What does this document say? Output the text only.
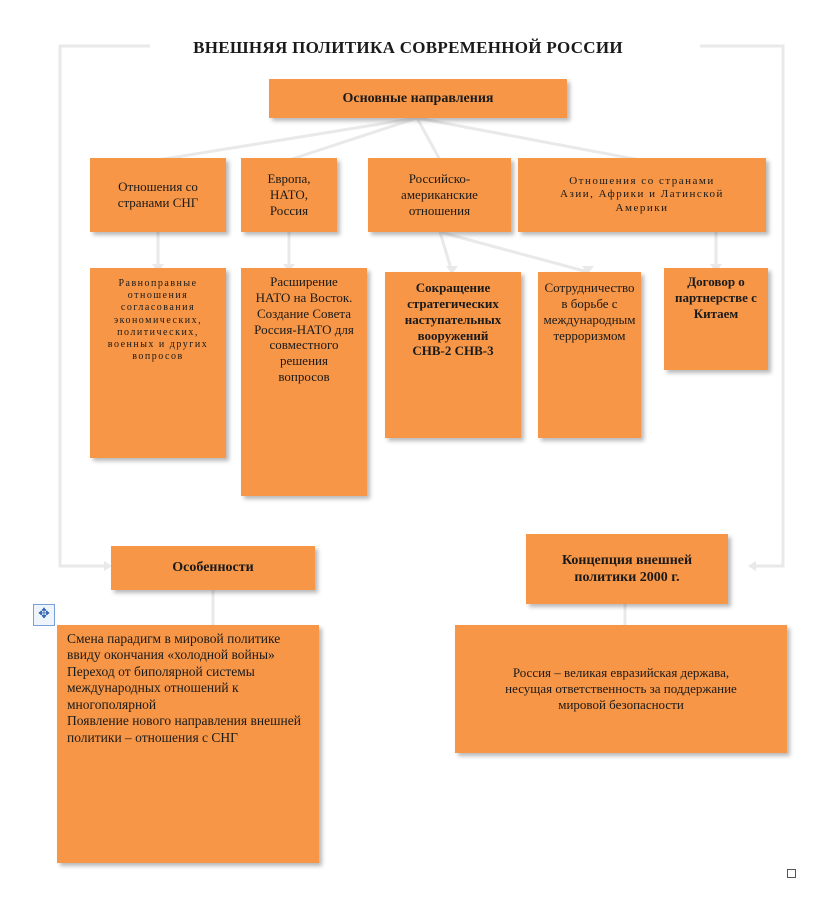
ВНЕШНЯЯ ПОЛИТИКА СОВРЕМЕННОЙ РОССИИ
Основные направления
Отношения со странами СНГ
Европа, НАТО, Россия
Российско-американские отношения
Отношения со странами Азии, Африки и Латинской Америки
Равноправные отношения согласования экономических, политических, военных и других вопросов
Расширение НАТО на Восток. Создание Совета Россия-НАТО для совместного решения вопросов
Сокращение стратегических наступательных вооружений СНВ-2 СНВ-3
Сотрудничество в борьбе с международным терроризмом
Договор о партнерстве с Китаем
Особенности
Смена парадигм в мировой политике ввиду окончания «холодной войны»
Переход от биполярной системы международных отношений к многополярной
Появление нового направления внешней политики – отношения с СНГ
Концепция внешней политики 2000 г.
Россия – великая евразийская держава, несущая ответственность за поддержание мировой безопасности
✥
